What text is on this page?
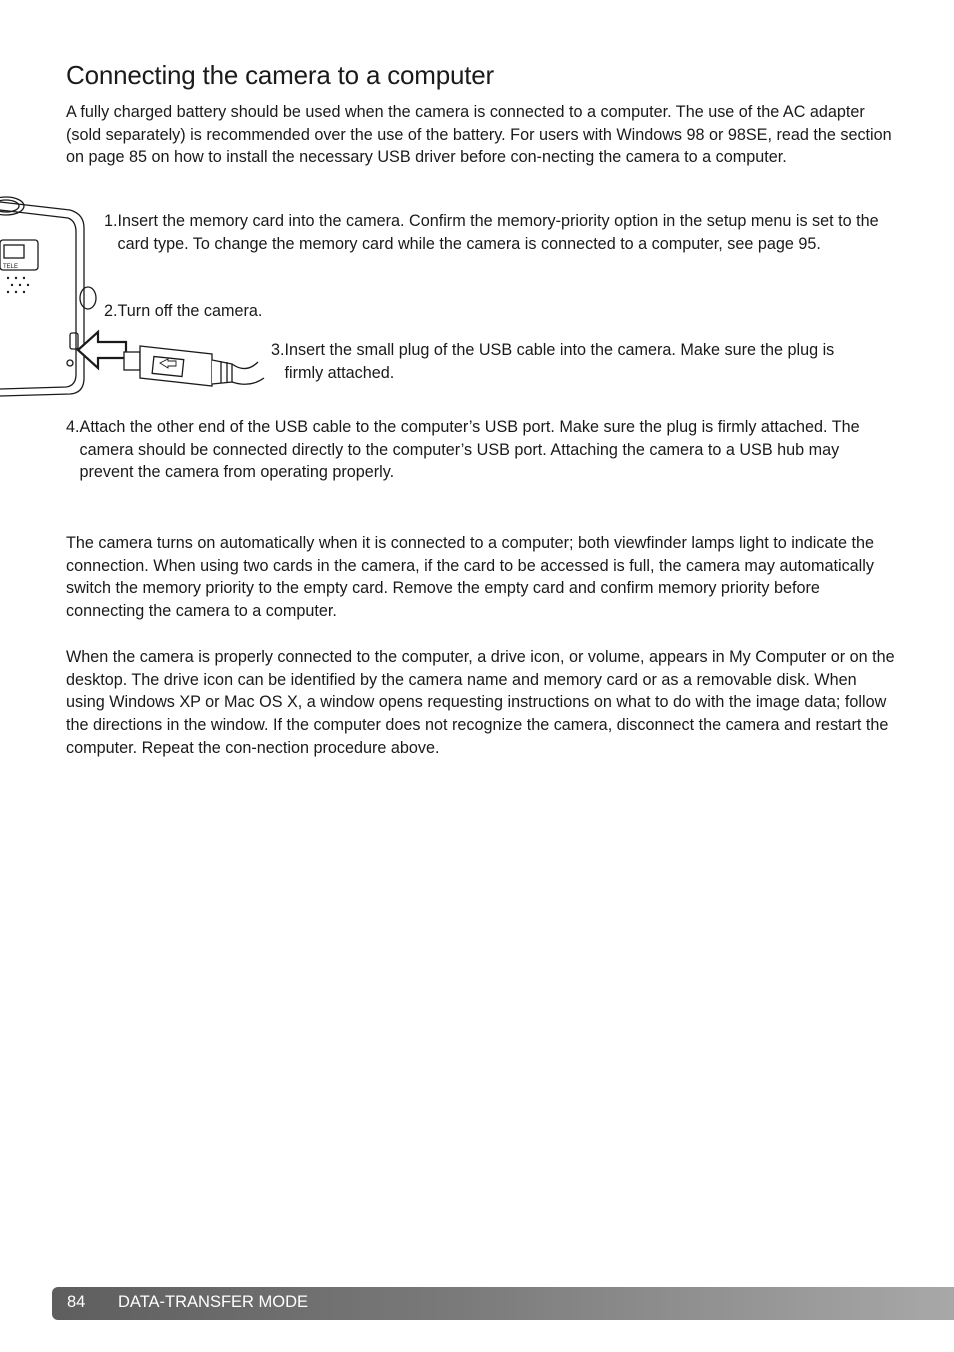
Connecting the camera to a computer

A fully charged battery should be used when the camera is connected to a computer. The use of the AC adapter (sold separately) is recommended over the use of the battery. For users with Windows 98 or 98SE, read the section on page 85 on how to install the necessary USB driver before con-necting the camera to a computer.

TELE
1. Insert the memory card into the camera. Confirm the memory-priority option in the setup menu is set to the card type. To change the memory card while the camera is connected to a computer, see page 95.
2. Turn off the camera.
3. Insert the small plug of the USB cable into the camera. Make sure the plug is firmly attached.
4. Attach the other end of the USB cable to the computer’s USB port. Make sure the plug is firmly attached. The camera should be connected directly to the computer’s USB port. Attaching the camera to a USB hub may prevent the camera from operating properly.

The camera turns on automatically when it is connected to a computer; both viewfinder lamps light to indicate the connection. When using two cards in the camera, if the card to be accessed is full, the camera may automatically switch the memory priority to the empty card. Remove the empty card and confirm memory priority before connecting the camera to a computer.

When the camera is properly connected to the computer, a drive icon, or volume, appears in My Computer or on the desktop. The drive icon can be identified by the camera name and memory card or as a removable disk. When using Windows XP or Mac OS X, a window opens requesting instructions on what to do with the image data; follow the directions in the window. If the computer does not recognize the camera, disconnect the camera and restart the computer. Repeat the con-nection procedure above.

84 DATA-TRANSFER MODE
